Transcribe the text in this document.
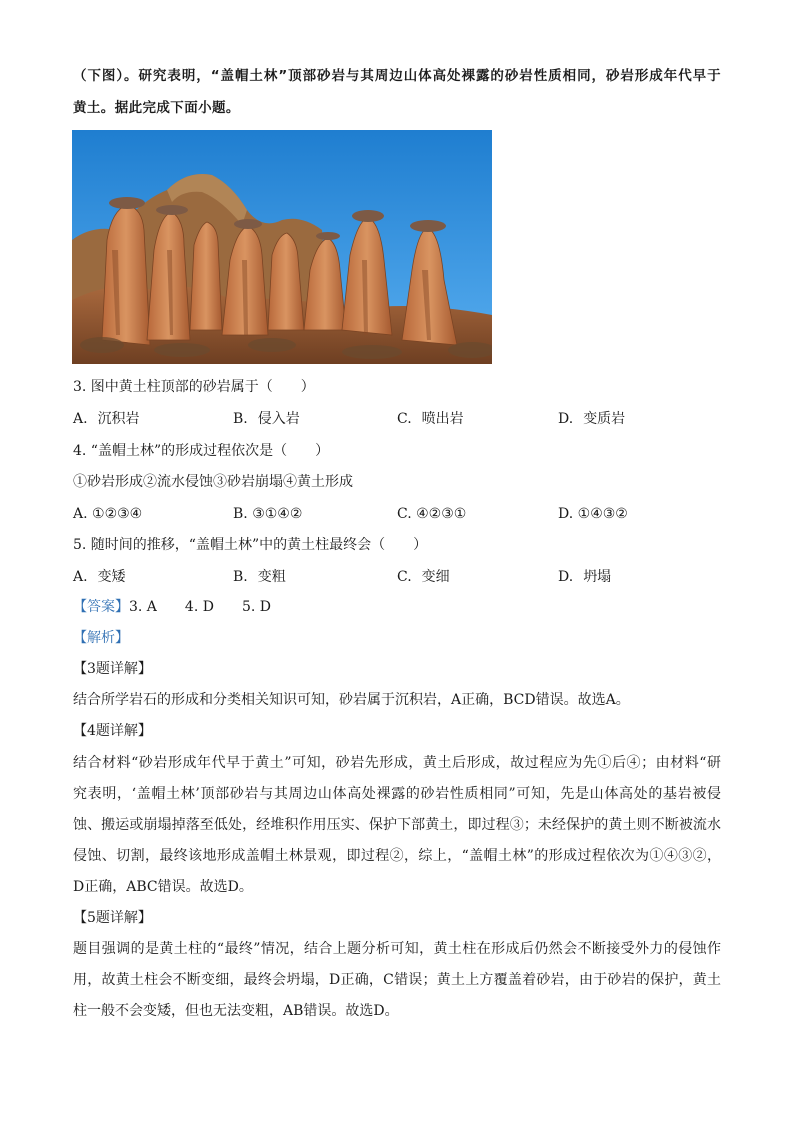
（下图）。研究表明，“盖帽土林”顶部砂岩与其周边山体高处裸露的砂岩性质相同，砂岩形成年代早于
黄土。据此完成下面小题。
3. 图中黄土柱顶部的砂岩属于（　　）
A. 沉积岩	B. 侵入岩	C. 喷出岩	D. 变质岩
4. “盖帽土林”的形成过程依次是（　　）
①砂岩形成②流水侵蚀③砂岩崩塌④黄土形成
A. ①②③④	B. ③①④②	C. ④②③①	D. ①④③②
5. 随时间的推移，“盖帽土林”中的黄土柱最终会（　　）
A. 变矮	B. 变粗	C. 变细	D. 坍塌
【答案】3. A 4. D 5. D
【解析】
【3题详解】
结合所学岩石的形成和分类相关知识可知，砂岩属于沉积岩，A正确，BCD错误。故选A。
【4题详解】
结合材料“砂岩形成年代早于黄土”可知，砂岩先形成，黄土后形成，故过程应为先①后④；由材料“研
究表明，‘盖帽土林’顶部砂岩与其周边山体高处裸露的砂岩性质相同”可知，先是山体高处的基岩被侵
蚀、搬运或崩塌掉落至低处，经堆积作用压实、保护下部黄土，即过程③；未经保护的黄土则不断被流水
侵蚀、切割，最终该地形成盖帽土林景观，即过程②，综上，“盖帽土林”的形成过程依次为①④③②，
D正确，ABC错误。故选D。
【5题详解】
题目强调的是黄土柱的“最终”情况，结合上题分析可知，黄土柱在形成后仍然会不断接受外力的侵蚀作
用，故黄土柱会不断变细，最终会坍塌，D正确，C错误；黄土上方覆盖着砂岩，由于砂岩的保护，黄土
柱一般不会变矮，但也无法变粗，AB错误。故选D。
